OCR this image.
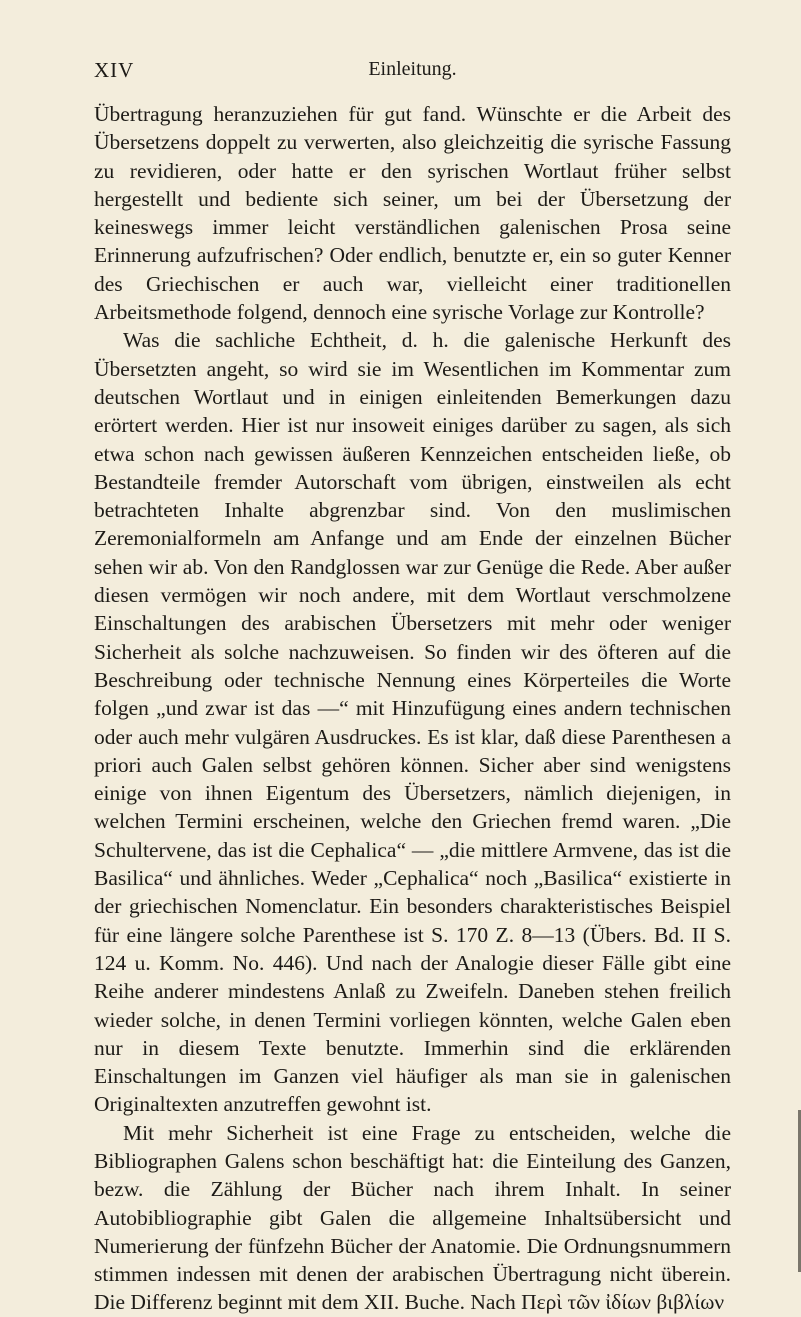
XIV	Einleitung.

Übertragung heranzuziehen für gut fand. Wünschte er die Arbeit des Übersetzens doppelt zu verwerten, also gleichzeitig die syrische Fassung zu revidieren, oder hatte er den syrischen Wortlaut früher selbst hergestellt und bediente sich seiner, um bei der Übersetzung der keineswegs immer leicht verständlichen galenischen Prosa seine Erinnerung aufzufrischen? Oder endlich, benutzte er, ein so guter Kenner des Griechischen er auch war, vielleicht einer traditionellen Arbeitsmethode folgend, dennoch eine syrische Vorlage zur Kontrolle?

Was die sachliche Echtheit, d. h. die galenische Herkunft des Übersetzten angeht, so wird sie im Wesentlichen im Kommentar zum deutschen Wortlaut und in einigen einleitenden Bemerkungen dazu erörtert werden. Hier ist nur insoweit einiges darüber zu sagen, als sich etwa schon nach gewissen äußeren Kennzeichen entscheiden ließe, ob Bestandteile fremder Autorschaft vom übrigen, einstweilen als echt betrachteten Inhalte abgrenzbar sind. Von den muslimischen Zeremonialformeln am Anfange und am Ende der einzelnen Bücher sehen wir ab. Von den Randglossen war zur Genüge die Rede. Aber außer diesen vermögen wir noch andere, mit dem Wortlaut verschmolzene Einschaltungen des arabischen Übersetzers mit mehr oder weniger Sicherheit als solche nachzuweisen. So finden wir des öfteren auf die Beschreibung oder technische Nennung eines Körperteiles die Worte folgen „und zwar ist das —“ mit Hinzufügung eines andern technischen oder auch mehr vulgären Ausdruckes. Es ist klar, daß diese Parenthesen a priori auch Galen selbst gehören können. Sicher aber sind wenigstens einige von ihnen Eigentum des Übersetzers, nämlich diejenigen, in welchen Termini erscheinen, welche den Griechen fremd waren. „Die Schultervene, das ist die Cephalica“ — „die mittlere Armvene, das ist die Basilica“ und ähnliches. Weder „Cephalica“ noch „Basilica“ existierte in der griechischen Nomenclatur. Ein besonders charakteristisches Beispiel für eine längere solche Parenthese ist S. 170 Z. 8—13 (Übers. Bd. II S. 124 u. Komm. No. 446). Und nach der Analogie dieser Fälle gibt eine Reihe anderer mindestens Anlaß zu Zweifeln. Daneben stehen freilich wieder solche, in denen Termini vorliegen könnten, welche Galen eben nur in diesem Texte benutzte. Immerhin sind die erklärenden Einschaltungen im Ganzen viel häufiger als man sie in galenischen Originaltexten anzutreffen gewohnt ist.

Mit mehr Sicherheit ist eine Frage zu entscheiden, welche die Bibliographen Galens schon beschäftigt hat: die Einteilung des Ganzen, bezw. die Zählung der Bücher nach ihrem Inhalt. In seiner Autobibliographie gibt Galen die allgemeine Inhaltsübersicht und Numerierung der fünfzehn Bücher der Anatomie. Die Ordnungsnummern stimmen indessen mit denen der arabischen Übertragung nicht überein. Die Differenz beginnt mit dem XII. Buche. Nach Περὶ τῶν ἰδίων βιβλίων
